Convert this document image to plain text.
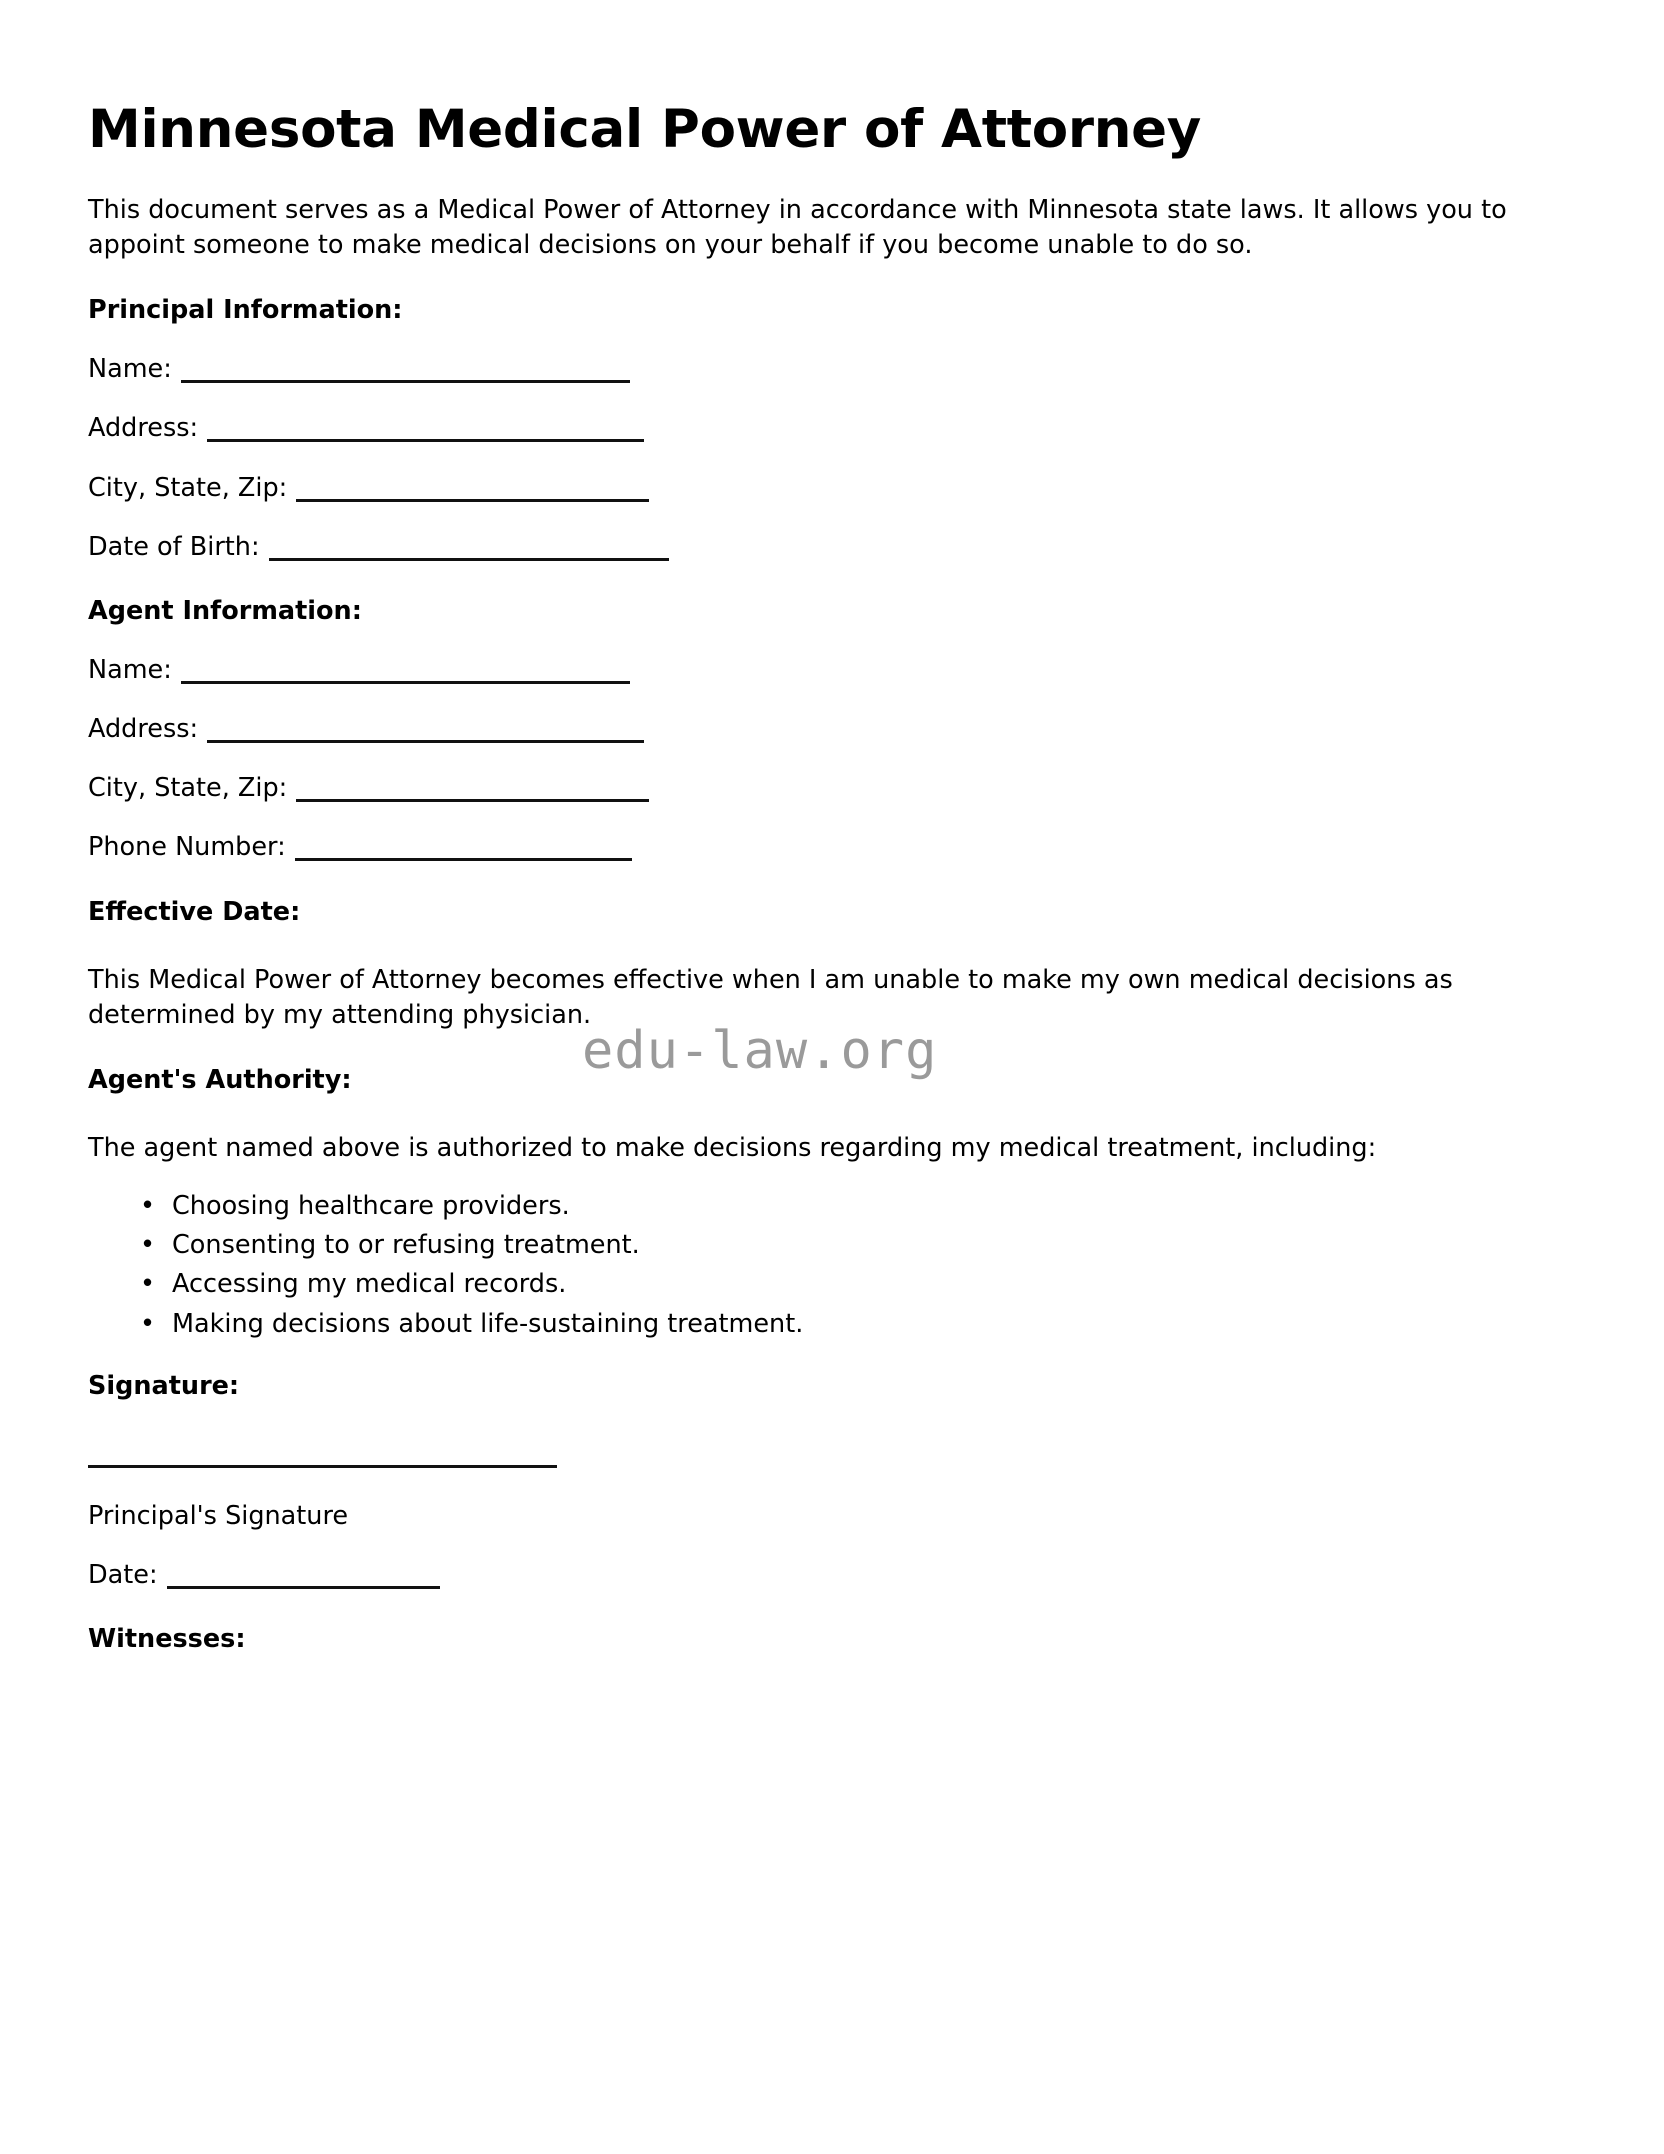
Minnesota Medical Power of Attorney

This document serves as a Medical Power of Attorney in accordance with Minnesota state laws. It allows you to appoint someone to make medical decisions on your behalf if you become unable to do so.

Principal Information:
Name:
Address:
City, State, Zip:
Date of Birth:
Agent Information:
Name:
Address:
City, State, Zip:
Phone Number:
Effective Date:

This Medical Power of Attorney becomes effective when I am unable to make my own medical decisions as determined by my attending physician.

Agent's Authority:

The agent named above is authorized to make decisions regarding my medical treatment, including:

• Choosing healthcare providers.
• Consenting to or refusing treatment.
• Accessing my medical records.
• Making decisions about life-sustaining treatment.
Signature:
Principal's Signature
Date:
Witnesses:
edu-law.org
